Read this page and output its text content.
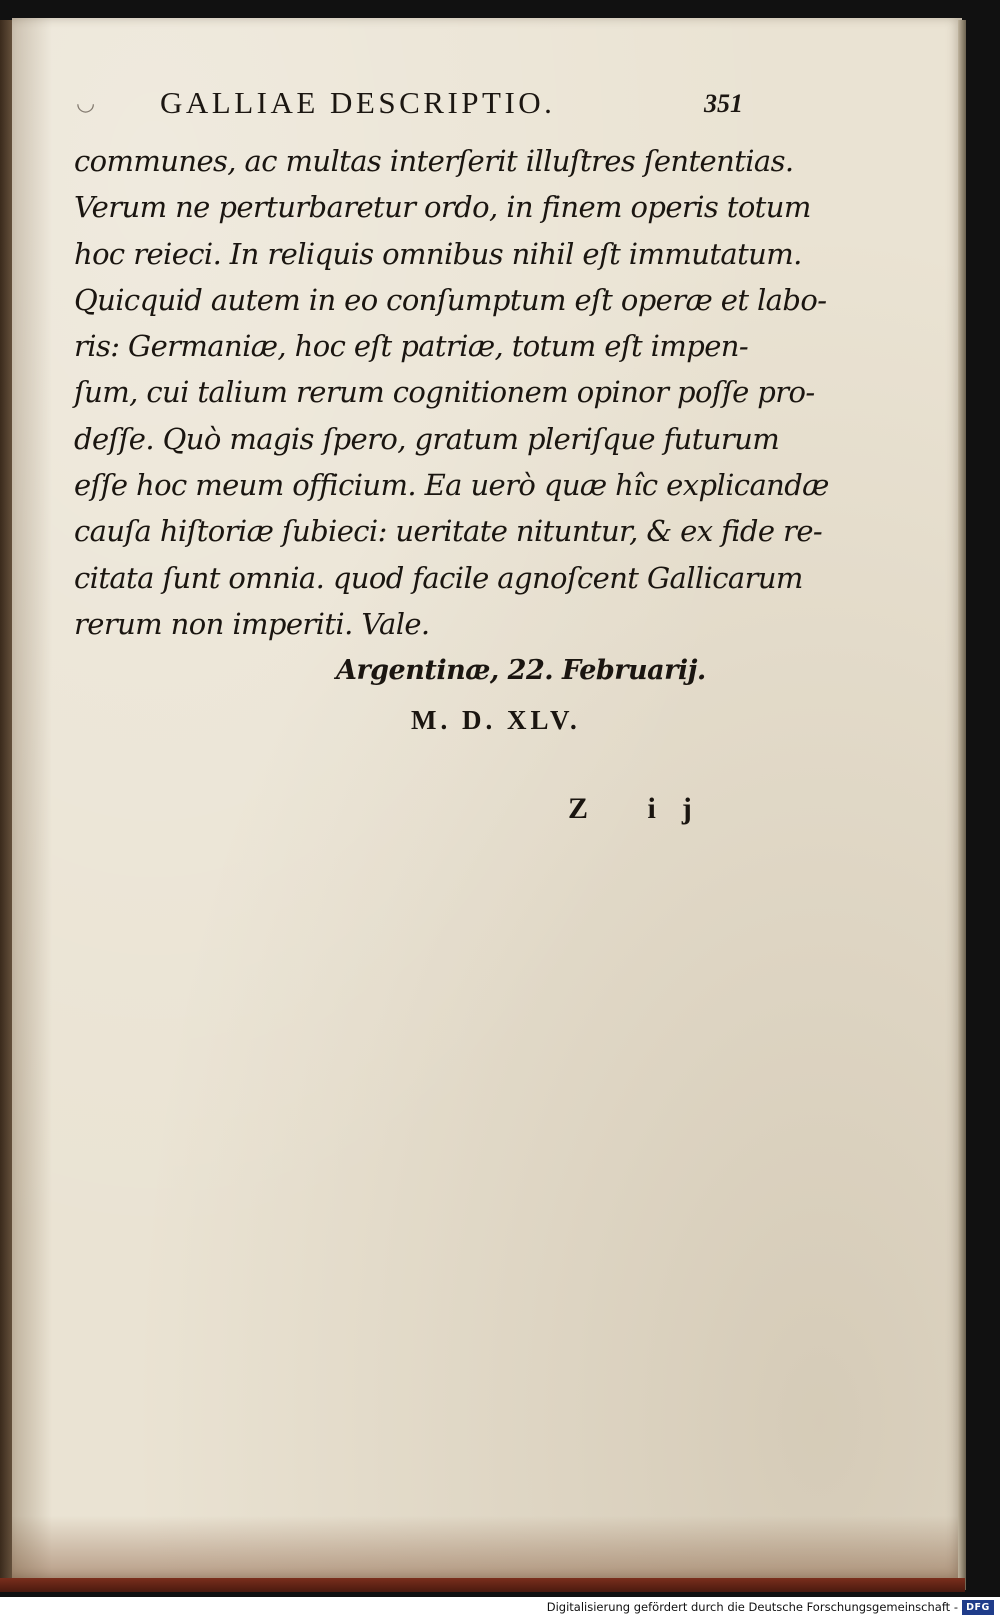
◡ GALLIAE DESCRIPTIO.	351
communes, ac multas interſerit illuſtres ſententias.
Verum ne perturbaretur ordo, in finem operis totum
hoc reieci. In reliquis omnibus nihil eſt immutatum.
Quicquid autem in eo conſumptum eſt operæ et labo-
ris: Germaniæ, hoc eſt patriæ, totum eſt impen-
ſum, cui talium rerum cognitionem opinor poſſe pro-
deſſe. Quò magis ſpero, gratum pleriſque futurum
eſſe hoc meum officium. Ea uerò quæ hîc explicandæ
cauſa hiſtoriæ ſubieci: ueritate nituntur, & ex fide re-
citata ſunt omnia. quod facile agnoſcent Gallicarum
rerum non imperiti. Vale.
Argentinæ, 22. Februarij.
M. D. XLV.
Z ij
Digitalisierung gefördert durch die Deutsche Forschungsgemeinschaft - DFG
